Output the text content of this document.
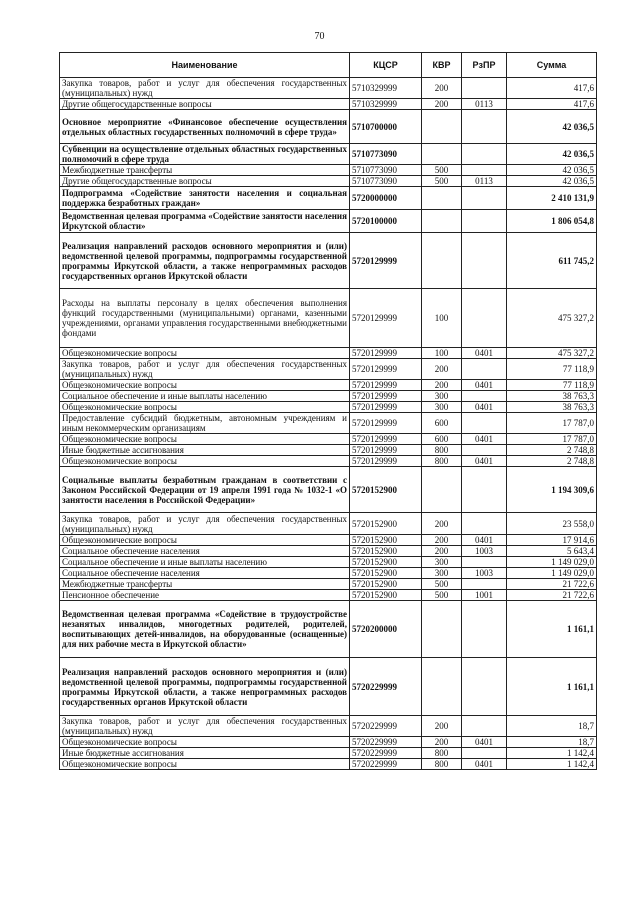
70
Наименование	КЦСР	КВР	РзПР	Сумма
Закупка товаров, работ и услуг для обеспечения государственных (муниципальных) нужд	5710329999	200		417,6
Другие общегосударственные вопросы	5710329999	200	0113	417,6
Основное мероприятие «Финансовое обеспечение осуществления отдельных областных государственных полномочий в сфере труда»	5710700000			42 036,5
Субвенции на осуществление отдельных областных государственных полномочий в сфере труда	5710773090			42 036,5
Межбюджетные трансферты	5710773090	500		42 036,5
Другие общегосударственные вопросы	5710773090	500	0113	42 036,5
Подпрограмма «Содействие занятости населения и социальная поддержка безработных граждан»	5720000000			2 410 131,9
Ведомственная целевая программа «Содействие занятости населения Иркутской области»	5720100000			1 806 054,8
Реализация направлений расходов основного мероприятия и (или) ведомственной целевой программы, подпрограммы государственной программы Иркутской области, а также непрограммных расходов государственных органов Иркутской области	5720129999			611 745,2
Расходы на выплаты персоналу в целях обеспечения выполнения функций государственными (муниципальными) органами, казенными учреждениями, органами управления государственными внебюджетными фондами	5720129999	100		475 327,2
Общеэкономические вопросы	5720129999	100	0401	475 327,2
Закупка товаров, работ и услуг для обеспечения государственных (муниципальных) нужд	5720129999	200		77 118,9
Общеэкономические вопросы	5720129999	200	0401	77 118,9
Социальное обеспечение и иные выплаты населению	5720129999	300		38 763,3
Общеэкономические вопросы	5720129999	300	0401	38 763,3
Предоставление субсидий бюджетным, автономным учреждениям и иным некоммерческим организациям	5720129999	600		17 787,0
Общеэкономические вопросы	5720129999	600	0401	17 787,0
Иные бюджетные ассигнования	5720129999	800		2 748,8
Общеэкономические вопросы	5720129999	800	0401	2 748,8
Социальные выплаты безработным гражданам в соответствии с Законом Российской Федерации от 19 апреля 1991 года № 1032-1 «О занятости населения в Российской Федерации»	5720152900			1 194 309,6
Закупка товаров, работ и услуг для обеспечения государственных (муниципальных) нужд	5720152900	200		23 558,0
Общеэкономические вопросы	5720152900	200	0401	17 914,6
Социальное обеспечение населения	5720152900	200	1003	5 643,4
Социальное обеспечение и иные выплаты населению	5720152900	300		1 149 029,0
Социальное обеспечение населения	5720152900	300	1003	1 149 029,0
Межбюджетные трансферты	5720152900	500		21 722,6
Пенсионное обеспечение	5720152900	500	1001	21 722,6
Ведомственная целевая программа «Содействие в трудоустройстве незанятых инвалидов, многодетных родителей, родителей, воспитывающих детей-инвалидов, на оборудованные (оснащенные) для них рабочие места в Иркутской области»	5720200000			1 161,1
Реализация направлений расходов основного мероприятия и (или) ведомственной целевой программы, подпрограммы государственной программы Иркутской области, а также непрограммных расходов государственных органов Иркутской области	5720229999			1 161,1
Закупка товаров, работ и услуг для обеспечения государственных (муниципальных) нужд	5720229999	200		18,7
Общеэкономические вопросы	5720229999	200	0401	18,7
Иные бюджетные ассигнования	5720229999	800		1 142,4
Общеэкономические вопросы	5720229999	800	0401	1 142,4
